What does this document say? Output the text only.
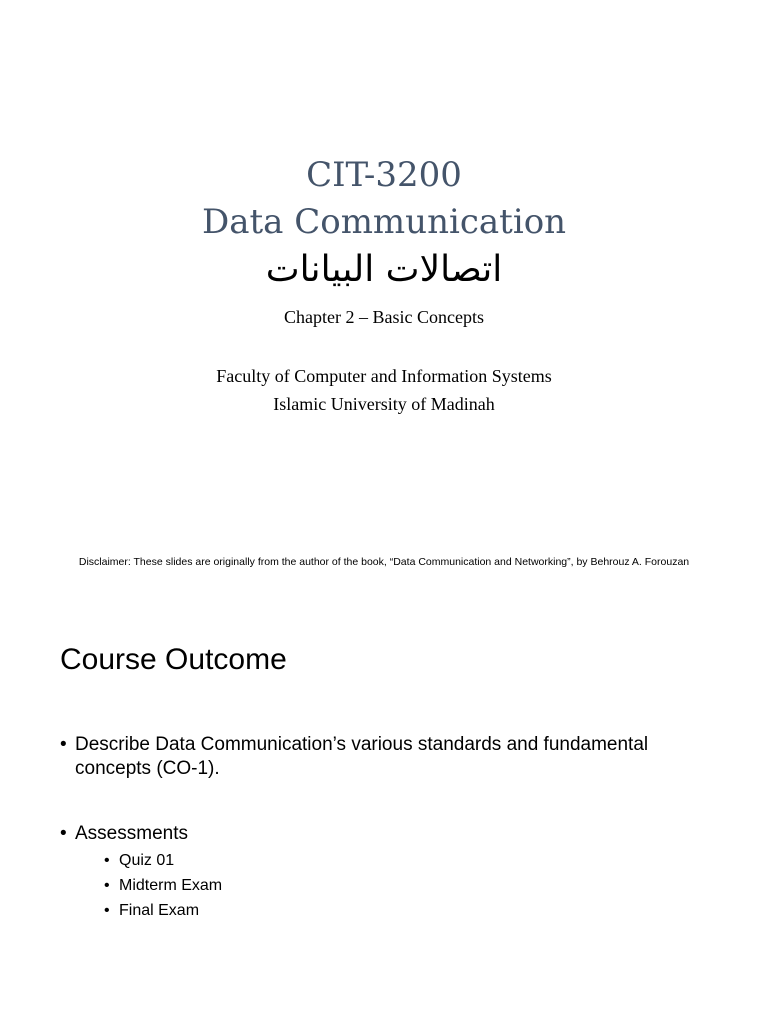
CIT-3200
Data Communication
اتصالات البيانات
Chapter 2 – Basic Concepts
Faculty of Computer and Information Systems
Islamic University of Madinah
Disclaimer: These slides are originally from the author of the book, “Data Communication and Networking”, by Behrouz A. Forouzan
Course Outcome
• Describe Data Communication’s various standards and fundamental concepts (CO-1).
• Assessments
• Quiz 01
• Midterm Exam
• Final Exam
